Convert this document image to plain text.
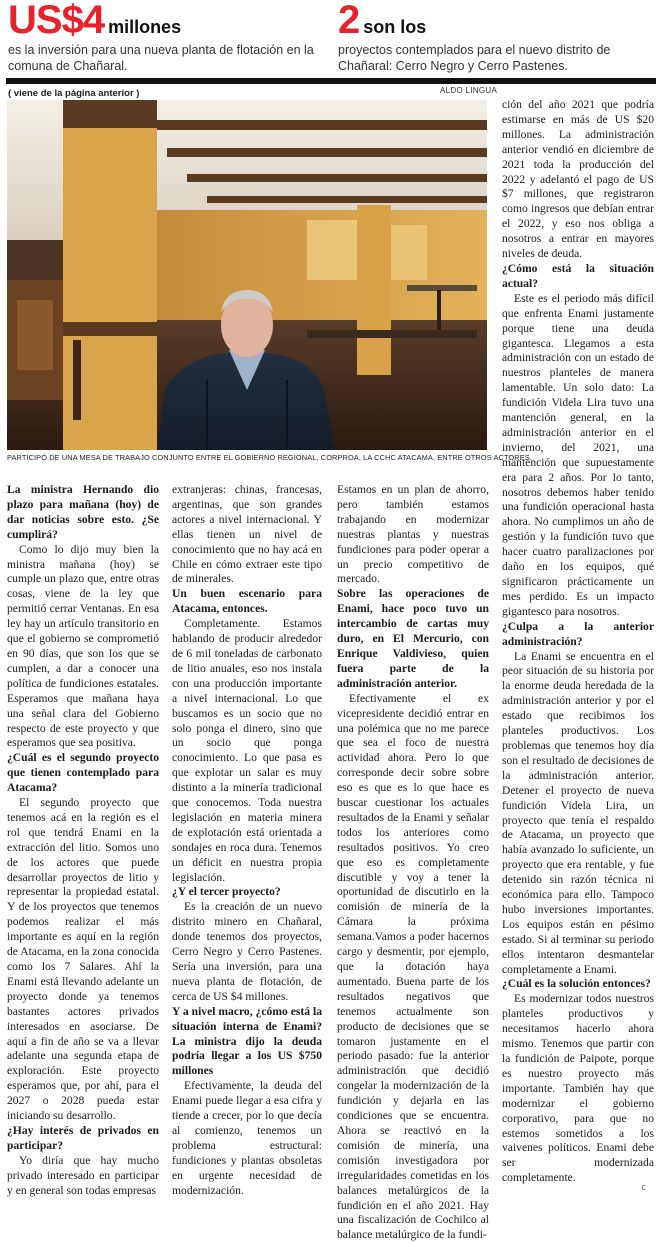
US$4 millones
es la inversión para una nueva planta de flotación en la comuna de Chañaral.
2 son los
proyectos contemplados para el nuevo distrito de Chañaral: Cerro Negro y Cerro Pastenes.
( viene de la página anterior )	ALDO LINGUA
PARTICIPÓ DE UNA MESA DE TRABAJO CONJUNTO ENTRE EL GOBIERNO REGIONAL, CORPROA, LA CCHC ATACAMA, ENTRE OTROS ACTORES.

La ministra Hernando dio plazo para mañana (hoy) de dar noticias sobre esto. ¿Se cumplirá?

Como lo dijo muy bien la ministra mañana (hoy) se cumple un plazo que, entre otras cosas, viene de la ley que permitió cerrar Ventanas. En esa ley hay un artículo transitorio en que el gobierno se comprometió en 90 días, que son los que se cumplen, a dar a conocer una política de fundiciones estatales. Esperamos que mañana haya una señal clara del Gobierno respecto de este proyecto y que esperamos que sea positiva.

¿Cuál es el segundo proyecto que tienen contemplado para Atacama?

El segundo proyecto que tenemos acá en la región es el rol que tendrá Enami en la extracción del litio. Somos uno de los actores que puede desarrollar proyectos de litio y representar la propiedad estatal. Y de los proyectos que tenemos podemos realizar el más importante es aquí en la región de Atacama, en la zona conocida como los 7 Salares. Ahí la Enami está llevando adelante un proyecto donde ya tenemos bastantes actores privados interesados en asociarse. De aquí a fin de año se va a llevar adelante una segunda etapa de exploración. Este proyecto esperamos que, por ahí, para el 2027 o 2028 pueda estar iniciando su desarrollo.

¿Hay interés de privados en participar?

Yo diría que hay mucho privado interesado en participar y en general son todas empresas

extranjeras: chinas, francesas, argentinas, que son grandes actores a nivel internacional. Y ellas tienen un nivel de conocimiento que no hay acá en Chile en cómo extraer este tipo de minerales.

Un buen escenario para Atacama, entonces.

Completamente. Estamos hablando de producir alrededor de 6 mil toneladas de carbonato de litio anuales, eso nos instala con una producción importante a nivel internacional. Lo que buscamos es un socio que no solo ponga el dinero, sino que un socio que ponga conocimiento. Lo que pasa es que explotar un salar es muy distinto a la minería tradicional que conocemos. Toda nuestra legislación en materia minera de explotación está orientada a sondajes en roca dura. Tenemos un déficit en nuestra propia legislación.

¿Y el tercer proyecto?

Es la creación de un nuevo distrito minero en Chañaral, donde tenemos dos proyectos, Cerro Negro y Cerro Pastenes. Sería una inversión, para una nueva planta de flotación, de cerca de US $4 millones.

Y a nivel macro, ¿cómo está la situación interna de Enami? La ministra dijo la deuda podría llegar a los US $750 millones

Efectivamente, la deuda del Enami puede llegar a esa cifra y tiende a crecer, por lo que decía al comienzo, tenemos un problema estructural: fundiciones y plantas obsoletas en urgente necesidad de modernización.

Estamos en un plan de ahorro, pero también estamos trabajando en modernizar nuestras plantas y nuestras fundiciones para poder operar a un precio competitivo de mercado.

Sobre las operaciones de Enami, hace poco tuvo un intercambio de cartas muy duro, en El Mercurio, con Enrique Valdivieso, quien fuera parte de la administración anterior.

Efectivamente el ex vicepresidente decidió entrar en una polémica que no me parece que sea el foco de nuestra actividad ahora. Pero lo que corresponde decir sobre sobre eso es que es lo que hace es buscar cuestionar los actuales resultados de la Enami y señalar todos los anteriores como resultados positivos. Yo creo que eso es completamente discutible y voy a tener la oportunidad de discutirlo en la comisión de minería de la Cámara la próxima semana.Vamos a poder hacernos cargo y desmentir, por ejemplo, que la dotación haya aumentado. Buena parte de los resultados negativos que tenemos actualmente son producto de decisiones que se tomaron justamente en el periodo pasado: fue la anterior administración que decidió congelar la modernización de la fundición y dejarla en las condiciones que se encuentra. Ahora se reactivó en la comisión de minería, una comisión investigadora por irregularidades cometidas en los balances metalúrgicos de la fundición en el año 2021. Hay una fiscalización de Cochilco al balance metalúrgico de la fundi-

ción del año 2021 que podría estimarse en más de US $20 millones. La administración anterior vendió en diciembre de 2021 toda la producción del 2022 y adelantó el pago de US $7 millones, que registraron como ingresos que debían entrar el 2022, y eso nos obliga a nosotros a entrar en mayores niveles de deuda.

¿Cómo está la situación actual?

Este es el periodo más difícil que enfrenta Enami justamente porque tiene una deuda gigantesca. Llegamos a esta administración con un estado de nuestros planteles de manera lamentable. Un solo dato: La fundición Videla Lira tuvo una mantención general, en la administración anterior en el invierno, del 2021, una mantención que supuestamente era para 2 años. Por lo tanto, nosotros debemos haber tenido una fundición operacional hasta ahora. No cumplimos un año de gestión y la fundición tuvo que hacer cuatro paralizaciones por daño en los equipos, qué significaron prácticamente un mes perdido. Es un impacto gigantesco para nosotros.

¿Culpa a la anterior administración?

La Enami se encuentra en el peor situación de su historia por la enorme deuda heredada de la administración anterior y por el estado que recibimos los planteles productivos. Los problemas que tenemos hoy día son el resultado de decisiones de la administración anterior. Detener el proyecto de nueva fundición Videla Lira, un proyecto que tenía el respaldo de Atacama, un proyecto que había avanzado lo suficiente, un proyecto que era rentable, y fue detenido sin razón técnica ni económica para ello. Tampoco hubo inversiones importantes. Los equipos están en pésimo estado. Si al terminar su periodo ellos intentaron desmantelar completamente a Enami.

¿Cuál es la solución entonces?

Es modernizar todos nuestros planteles productivos y necesitamos hacerlo ahora mismo. Tenemos que partir con la fundición de Paipote, porque es nuestro proyecto más importante. También hay que modernizar el gobierno corporativo, para que no estemos sometidos a los vaivenes políticos. Enami debe ser modernizada completamente.

ꟲ
